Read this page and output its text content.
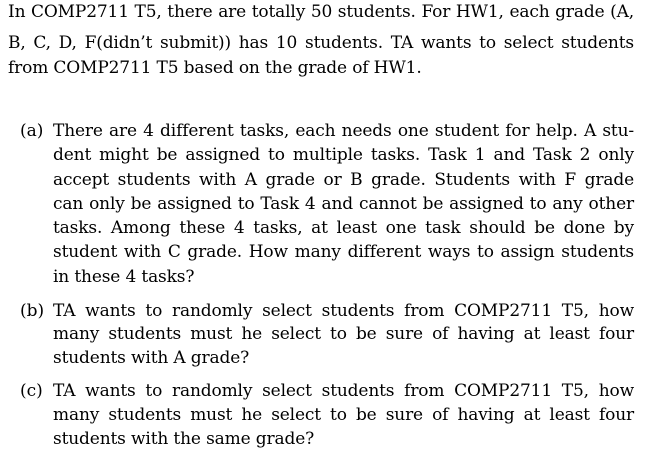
In COMP2711 T5, there are totally 50 students. For HW1, each grade (A,
B, C, D, F(didn’t submit)) has 10 students. TA wants to select students
from COMP2711 T5 based on the grade of HW1.
(a) There are 4 different tasks, each needs one student for help. A stu-
dent might be assigned to multiple tasks. Task 1 and Task 2 only
accept students with A grade or B grade. Students with F grade
can only be assigned to Task 4 and cannot be assigned to any other
tasks. Among these 4 tasks, at least one task should be done by
student with C grade. How many different ways to assign students
in these 4 tasks?
(b) TA wants to randomly select students from COMP2711 T5, how
many students must he select to be sure of having at least four
students with A grade?
(c) TA wants to randomly select students from COMP2711 T5, how
many students must he select to be sure of having at least four
students with the same grade?
